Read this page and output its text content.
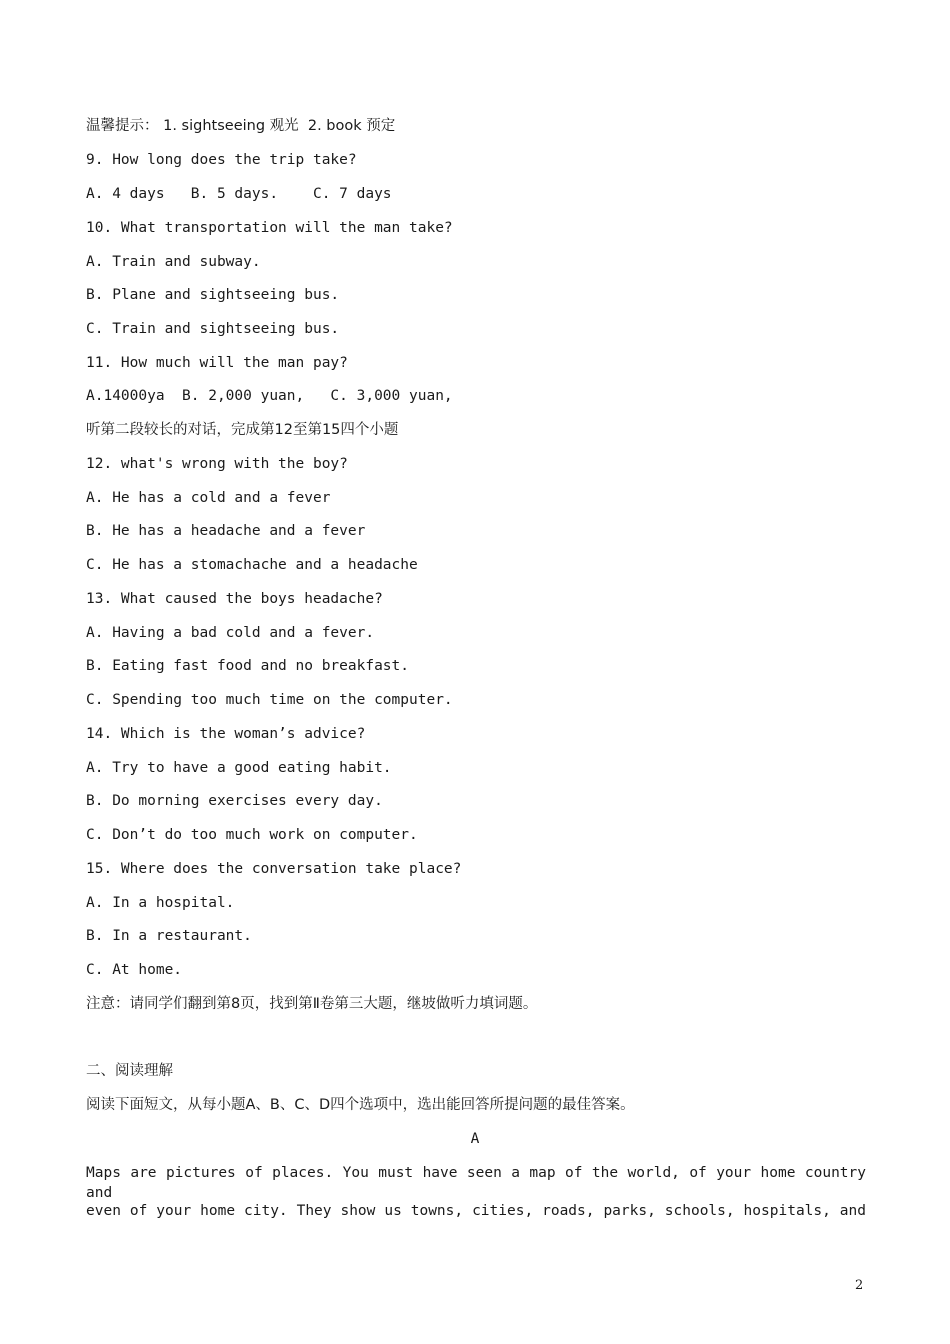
温馨提示： 1. sightseeing 观光  2. book 预定
9. How long does the trip take?
A. 4 days   B. 5 days.    C. 7 days
10. What transportation will the man take?
A. Train and subway.
B. Plane and sightseeing bus.
C. Train and sightseeing bus.
11. How much will the man pay?
A.14000ya  B. 2,000 yuan,   C. 3,000 yuan,
听第二段较长的对话，完成第12至第15四个小题
12. what's wrong with the boy?
A. He has a cold and a fever
B. He has a headache and a fever
C. He has a stomachache and a headache
13. What caused the boys headache?
A. Having a bad cold and a fever.
B. Eating fast food and no breakfast.
C. Spending too much time on the computer.
14. Which is the woman’s advice?
A. Try to have a good eating habit.
B. Do morning exercises every day.
C. Don’t do too much work on computer.
15. Where does the conversation take place?
A. In a hospital.
B. In a restaurant.
C. At home.
注意：请同学们翻到第8页，找到第Ⅱ卷第三大题，继坡做听力填词题。
二、阅读理解
阅读下面短文，从每小题A、B、C、D四个选项中，选出能回答所提问题的最佳答案。
A
Maps are pictures of places. You must have seen a map of the world, of your home country and
even of your home city. They show us towns, cities, roads, parks, schools, hospitals, and
2
